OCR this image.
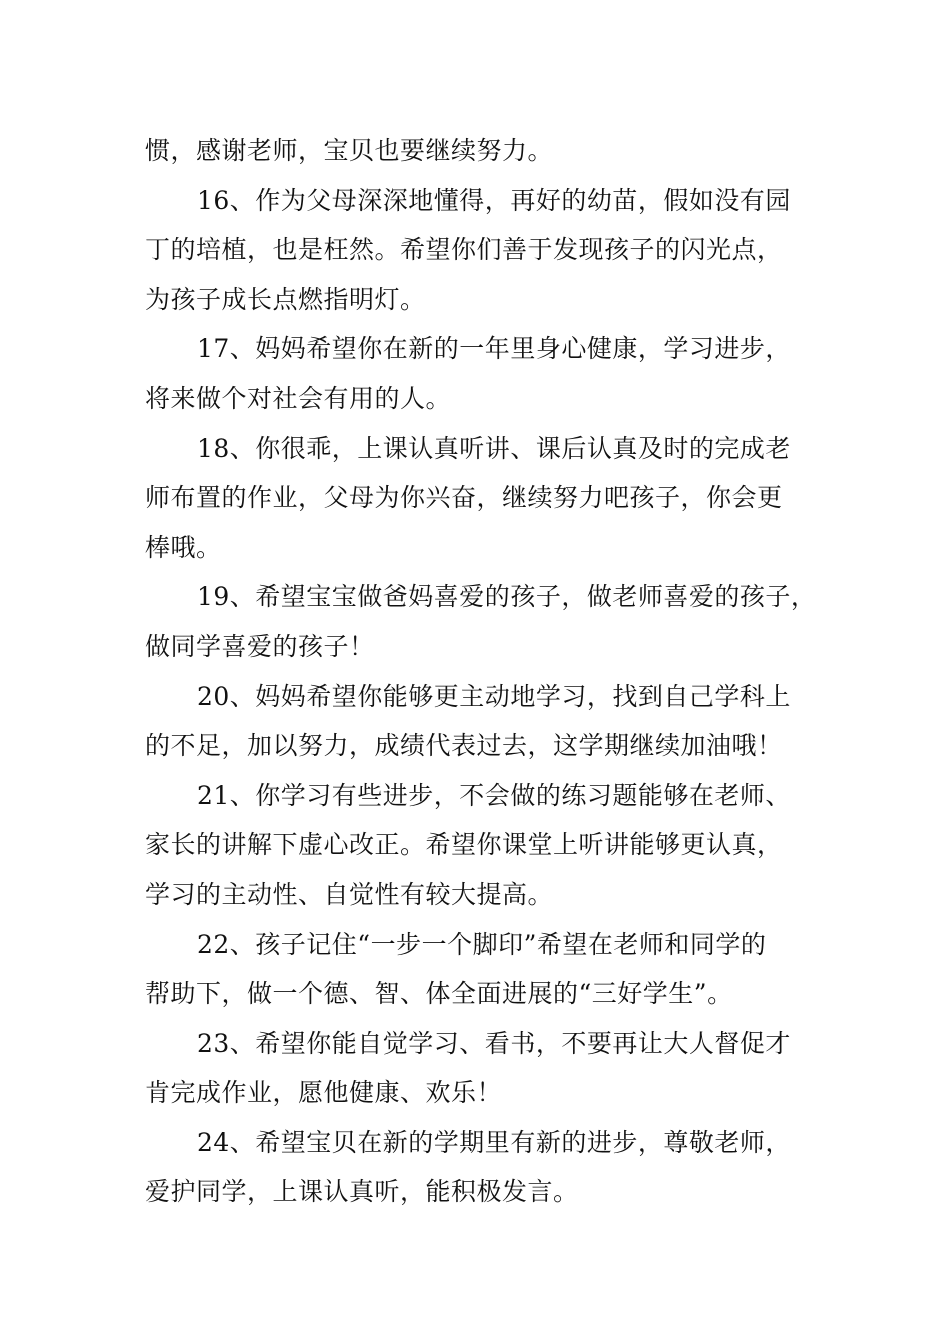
惯，感谢老师，宝贝也要继续努力。
16、作为父母深深地懂得，再好的幼苗，假如没有园
丁的培植，也是枉然。希望你们善于发现孩子的闪光点，
为孩子成长点燃指明灯。
17、妈妈希望你在新的一年里身心健康，学习进步，
将来做个对社会有用的人。
18、你很乖，上课认真听讲、课后认真及时的完成老
师布置的作业，父母为你兴奋，继续努力吧孩子，你会更
棒哦。
19、希望宝宝做爸妈喜爱的孩子，做老师喜爱的孩子，
做同学喜爱的孩子！
20、妈妈希望你能够更主动地学习，找到自己学科上
的不足，加以努力，成绩代表过去，这学期继续加油哦！
21、你学习有些进步，不会做的练习题能够在老师、
家长的讲解下虚心改正。希望你课堂上听讲能够更认真，
学习的主动性、自觉性有较大提高。
22、孩子记住“一步一个脚印”希望在老师和同学的
帮助下，做一个德、智、体全面进展的“三好学生”。
23、希望你能自觉学习、看书，不要再让大人督促才
肯完成作业，愿他健康、欢乐！
24、希望宝贝在新的学期里有新的进步，尊敬老师，
爱护同学，上课认真听，能积极发言。
